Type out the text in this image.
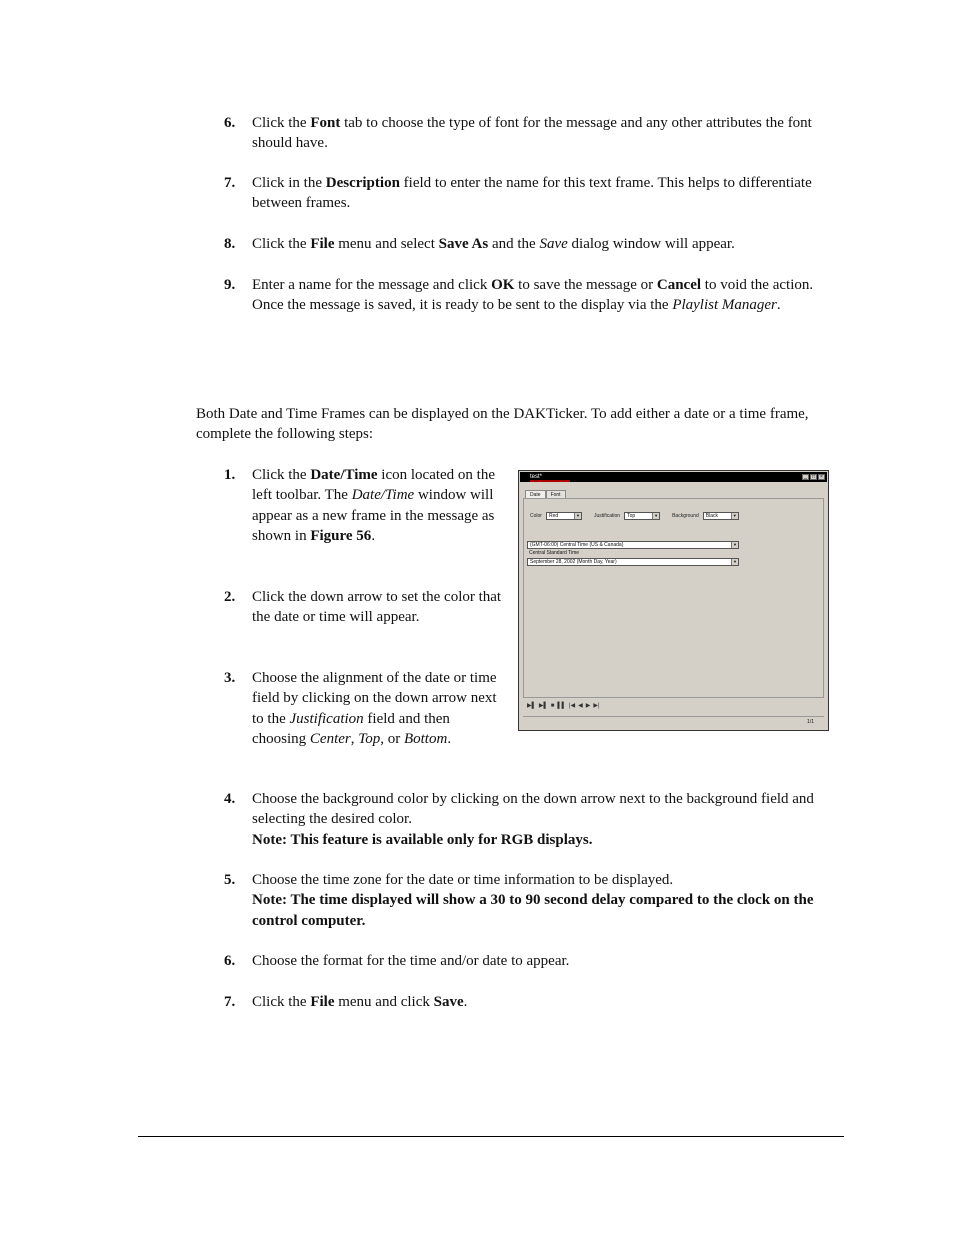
6. Click the Font tab to choose the type of font for the message and any other attributes the font should have.
7. Click in the Description field to enter the name for this text frame. This helps to differentiate between frames.
8. Click the File menu and select Save As and the Save dialog window will appear.
9. Enter a name for the message and click OK to save the message or Cancel to void the action. Once the message is saved, it is ready to be sent to the display via the Playlist Manager.
Both Date and Time Frames can be displayed on the DAKTicker. To add either a date or a time frame, complete the following steps:
1. Click the Date/Time icon located on the left toolbar. The Date/Time window will appear as a new frame in the message as shown in Figure 56.
2. Click the down arrow to set the color that the date or time will appear.
3. Choose the alignment of the date or time field by clicking on the down arrow next to the Justification field and then choosing Center, Top, or Bottom.
test*	_	□	×
Date	Font
Color Red	▼	Justification Top	▼	Background Black	▼
(GMT-06:00) Central Time (US & Canada)	▼
Central Standard Time
September 28, 2002 (Month Day, Year)	▼
▶▌ ▶▌ ■ ▌▌ |◀ ◀ ▶ ▶|
1/1
4. Choose the background color by clicking on the down arrow next to the background field and selecting the desired color.
Note: This feature is available only for RGB displays.
5. Choose the time zone for the date or time information to be displayed.
Note: The time displayed will show a 30 to 90 second delay compared to the clock on the control computer.
6. Choose the format for the time and/or date to appear.
7. Click the File menu and click Save.
